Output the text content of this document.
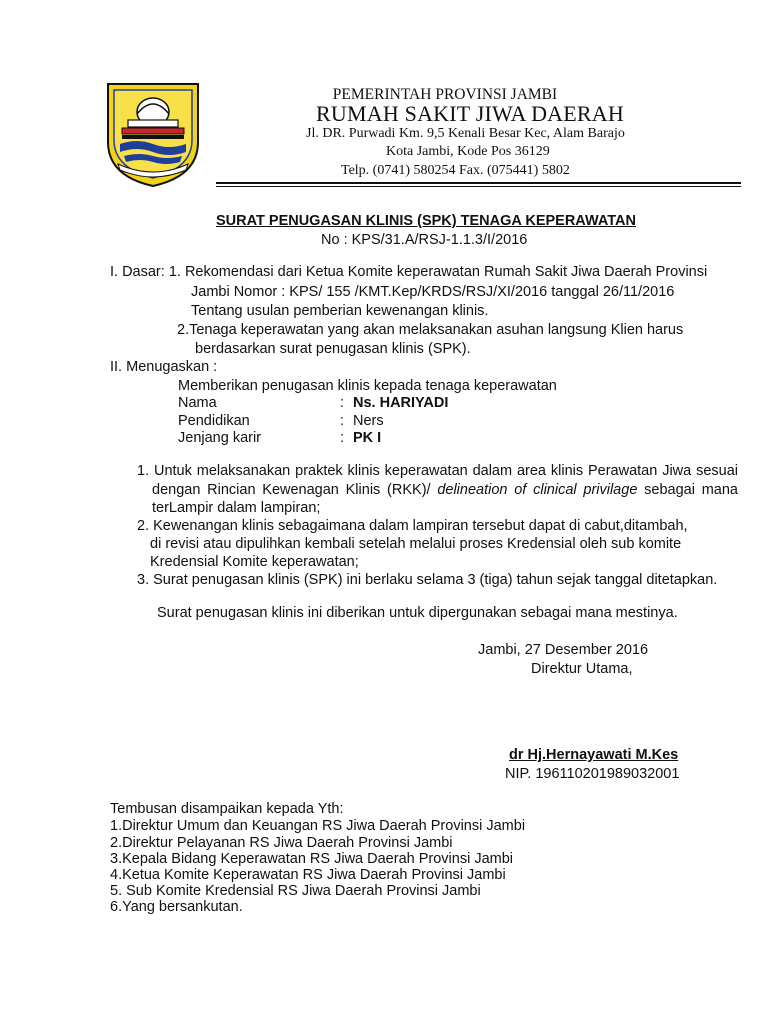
PEMERINTAH PROVINSI JAMBI
RUMAH SAKIT JIWA DAERAH
Jl. DR. Purwadi Km. 9,5 Kenali Besar Kec, Alam Barajo
Kota Jambi, Kode Pos 36129
Telp. (0741) 580254 Fax. (075441) 5802
SURAT PENUGASAN KLINIS (SPK) TENAGA KEPERAWATAN
No : KPS/31.A/RSJ-1.1.3/I/2016
I. Dasar: 1. Rekomendasi dari Ketua Komite keperawatan Rumah Sakit Jiwa Daerah Provinsi
Jambi Nomor : KPS/ 155 /KMT.Kep/KRDS/RSJ/XI/2016 tanggal 26/11/2016
Tentang usulan pemberian kewenangan klinis.
2.Tenaga keperawatan yang akan melaksanakan asuhan langsung Klien harus
berdasarkan surat penugasan klinis (SPK).
II. Menugaskan :
Memberikan penugasan klinis kepada tenaga keperawatan
Nama	: Ns. HARIYADI
Pendidikan	: Ners
Jenjang karir	: PK I
1. Untuk melaksanakan praktek klinis keperawatan dalam area klinis Perawatan Jiwa sesuai
dengan Rincian Kewenagan Klinis (RKK)/ delineation of clinical privilage sebagai mana
terLampir dalam lampiran;
2. Kewenangan klinis sebagaimana dalam lampiran tersebut dapat di cabut,ditambah,
di revisi atau dipulihkan kembali setelah melalui proses Kredensial oleh sub komite
Kredensial Komite keperawatan;
3. Surat penugasan klinis (SPK) ini berlaku selama 3 (tiga) tahun sejak tanggal ditetapkan.
Surat penugasan klinis ini diberikan untuk dipergunakan sebagai mana mestinya.
Jambi, 27 Desember 2016
Direktur Utama,
dr Hj.Hernayawati M.Kes
NIP. 196110201989032001
Tembusan disampaikan kepada Yth:
1.Direktur Umum dan Keuangan RS Jiwa Daerah Provinsi Jambi
2.Direktur Pelayanan RS Jiwa Daerah Provinsi Jambi
3.Kepala Bidang Keperawatan RS Jiwa Daerah Provinsi Jambi
4.Ketua Komite Keperawatan RS Jiwa Daerah Provinsi Jambi
5. Sub Komite Kredensial RS Jiwa Daerah Provinsi Jambi
6.Yang bersankutan.
